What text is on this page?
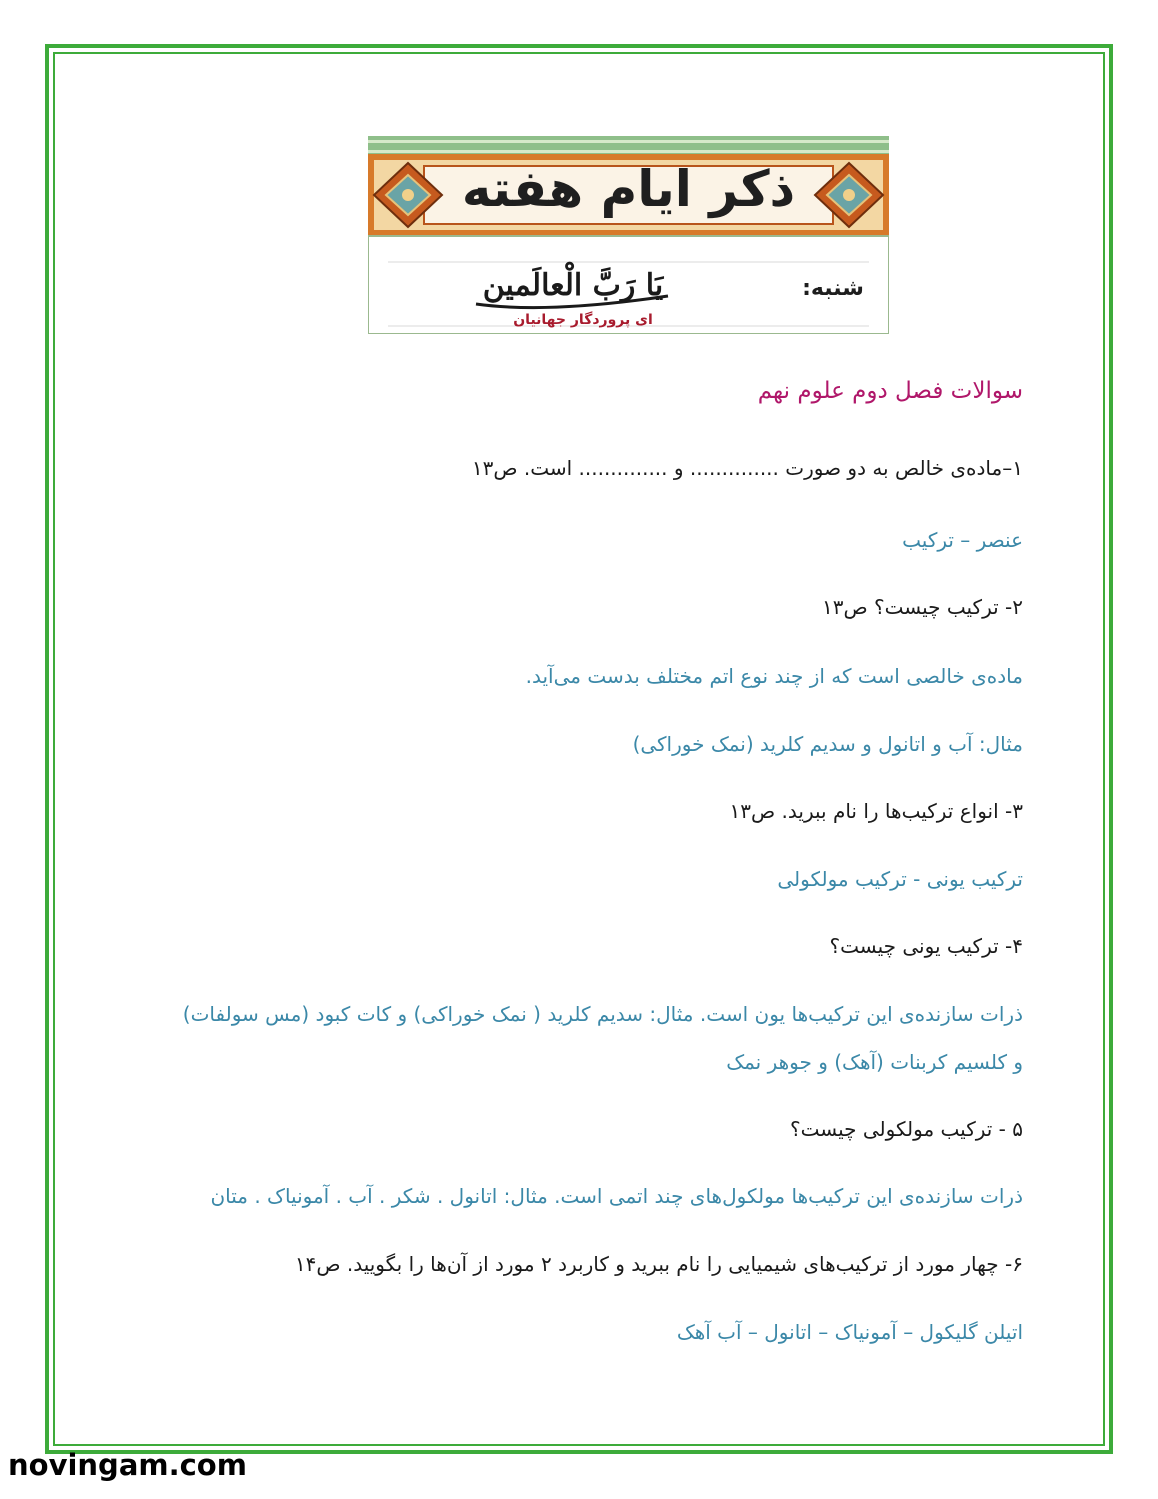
ذکر ایام هفته
شنبه:
یَا رَبَّ الْعالَمین
ای پروردگار جهانیان
سوالات فصل دوم علوم نهم
۱–ماده‌ی خالص به دو صورت .............. و .............. است. ص۱۳
عنصر – ترکیب
۲- ترکیب چیست؟ ص۱۳
ماده‌ی خالصی است که از چند نوع اتم مختلف بدست می‌آید.
مثال: آب و اتانول و سدیم کلرید (نمک خوراکی)
۳- انواع ترکیب‌ها را نام ببرید. ص۱۳
ترکیب یونی - ترکیب مولکولی
۴- ترکیب یونی چیست؟
ذرات سازنده‌ی این ترکیب‌ها یون است. مثال: سدیم کلرید ( نمک خوراکی) و کات کبود (مس سولفات)
و کلسیم کربنات (آهک) و جوهر نمک
۵ - ترکیب مولکولی چیست؟
ذرات سازنده‌ی این ترکیب‌ها مولکول‌های چند اتمی است. مثال: اتانول . شکر . آب . آمونیاک . متان
۶- چهار مورد از ترکیب‌های شیمیایی را نام ببرید و کاربرد ۲ مورد از آن‌ها را بگویید. ص۱۴
اتیلن گلیکول – آمونیاک – اتانول – آب آهک
novingam.com
